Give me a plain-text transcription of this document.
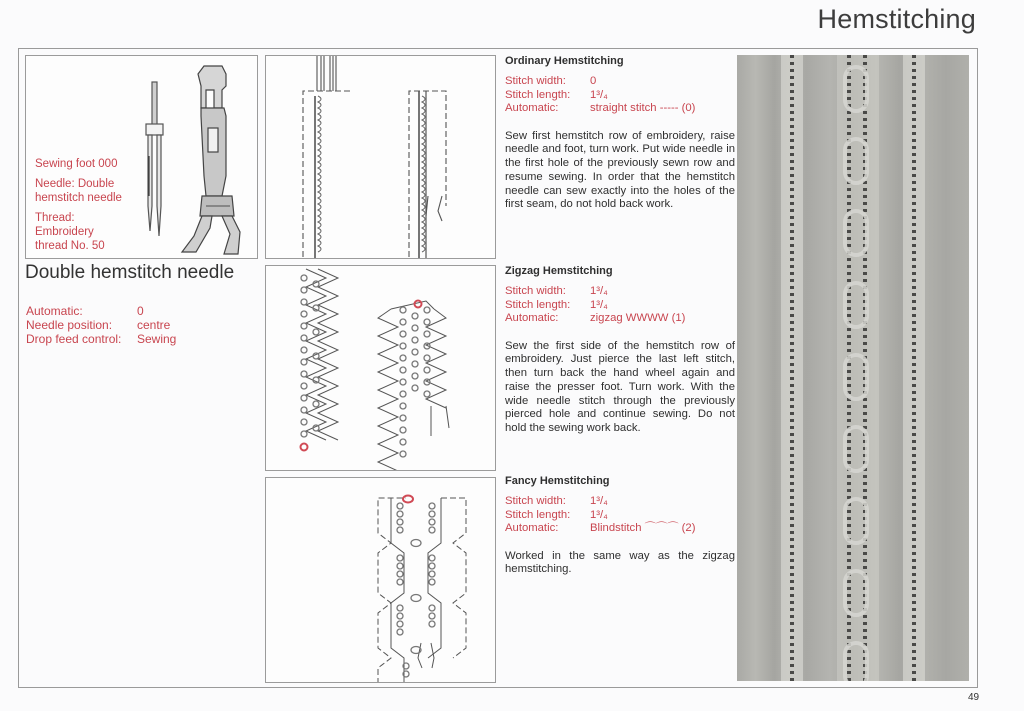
Hemstitching
Sewing foot 000
Needle: Double
hemstitch needle
Thread:
Embroidery
thread No. 50
Double hemstitch needle
Automatic:	0
Needle position:	centre
Drop feed control:	Sewing
Ordinary Hemstitching
Stitch width:	0
Stitch length:	1³/₄
Automatic:	straight stitch ----- (0)
Sew first hemstitch row of embroidery, raise needle and foot, turn work. Put wide needle in the first hole of the previously sewn row and resume sewing. In order that the hemstitch needle can sew exactly into the holes of the first seam, do not hold back work.
Zigzag Hemstitching
Stitch width:	1³/₄
Stitch length:	1³/₄
Automatic:	zigzag WWWW (1)
Sew the first side of the hemstitch row of embroidery. Just pierce the last left stitch, then turn back the hand wheel again and raise the presser foot. Turn work. With the wide needle stitch through the previously pierced hole and continue sewing. Do not hold the sewing work back.
Fancy Hemstitching
Stitch width:	1³/₄
Stitch length:	1³/₄
Automatic:	Blindstitch ⌒⌒⌒ (2)
Worked in the same way as the zigzag hemstitching.
49
